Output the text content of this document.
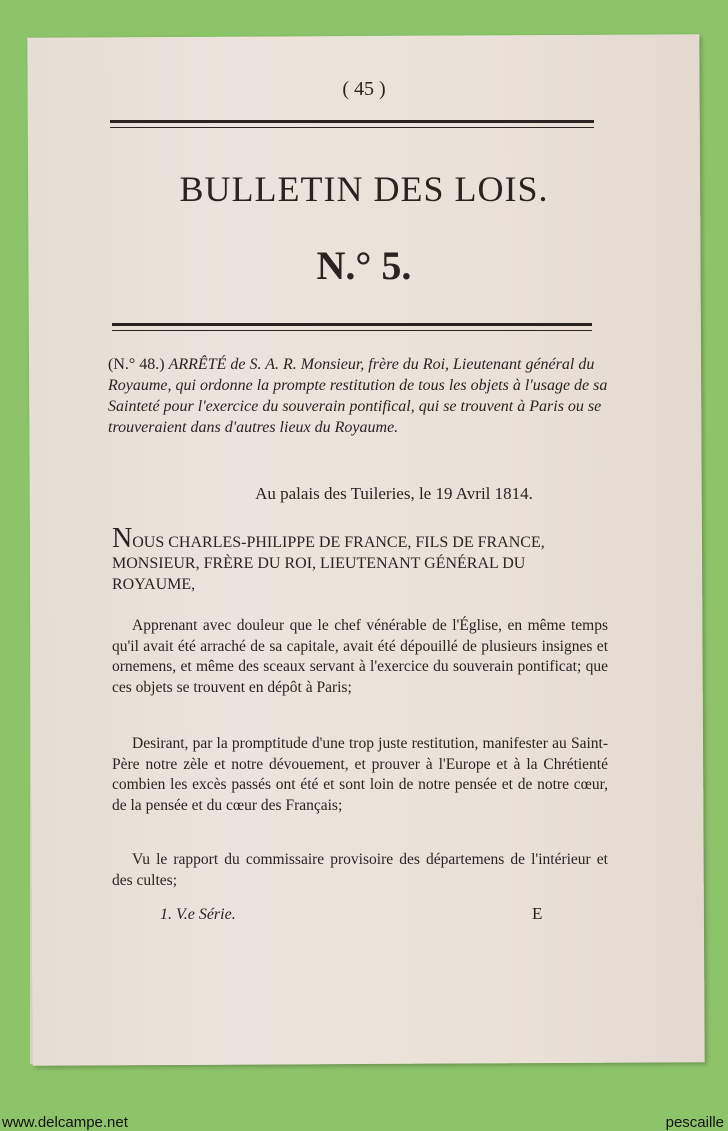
( 45 )
BULLETIN DES LOIS.
N.° 5.
(N.° 48.) ARRÊTÉ de S. A. R. Monsieur, frère du Roi, Lieutenant général du Royaume, qui ordonne la prompte restitution de tous les objets à l'usage de sa Sainteté pour l'exercice du souverain pontifical, qui se trouvent à Paris ou se trouveraient dans d'autres lieux du Royaume.
Au palais des Tuileries, le 19 Avril 1814.
NOUS CHARLES-PHILIPPE DE FRANCE, FILS DE FRANCE, MONSIEUR, FRÈRE DU ROI, LIEUTENANT GÉNÉRAL DU ROYAUME,

Apprenant avec douleur que le chef vénérable de l'Église, en même temps qu'il avait été arraché de sa capitale, avait été dépouillé de plusieurs insignes et ornemens, et même des sceaux servant à l'exercice du souverain pontificat; que ces objets se trouvent en dépôt à Paris;

Desirant, par la promptitude d'une trop juste restitution, manifester au Saint-Père notre zèle et notre dévouement, et prouver à l'Europe et à la Chrétienté combien les excès passés ont été et sont loin de notre pensée et de notre cœur, de la pensée et du cœur des Français;

Vu le rapport du commissaire provisoire des départemens de l'intérieur et des cultes;

1. V.e Série.	E
www.delcampe.net	pescaille
